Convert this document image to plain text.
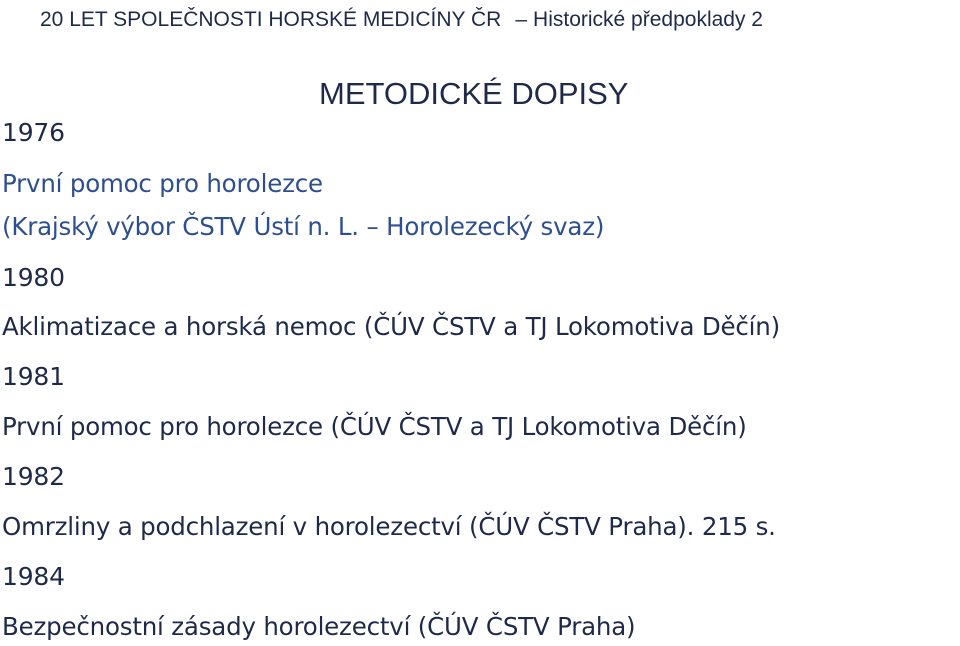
20 LET SPOLEČNOSTI HORSKÉ MEDICÍNY ČR – Historické předpoklady 2
METODICKÉ DOPISY
1976
První pomoc pro horolezce
(Krajský výbor ČSTV Ústí n. L. – Horolezecký svaz)
1980
Aklimatizace a horská nemoc (ČÚV ČSTV a TJ Lokomotiva Děčín)
1981
První pomoc pro horolezce (ČÚV ČSTV a TJ Lokomotiva Děčín)
1982
Omrzliny a podchlazení v horolezectví (ČÚV ČSTV Praha). 215 s.
1984
Bezpečnostní zásady horolezectví (ČÚV ČSTV Praha)
